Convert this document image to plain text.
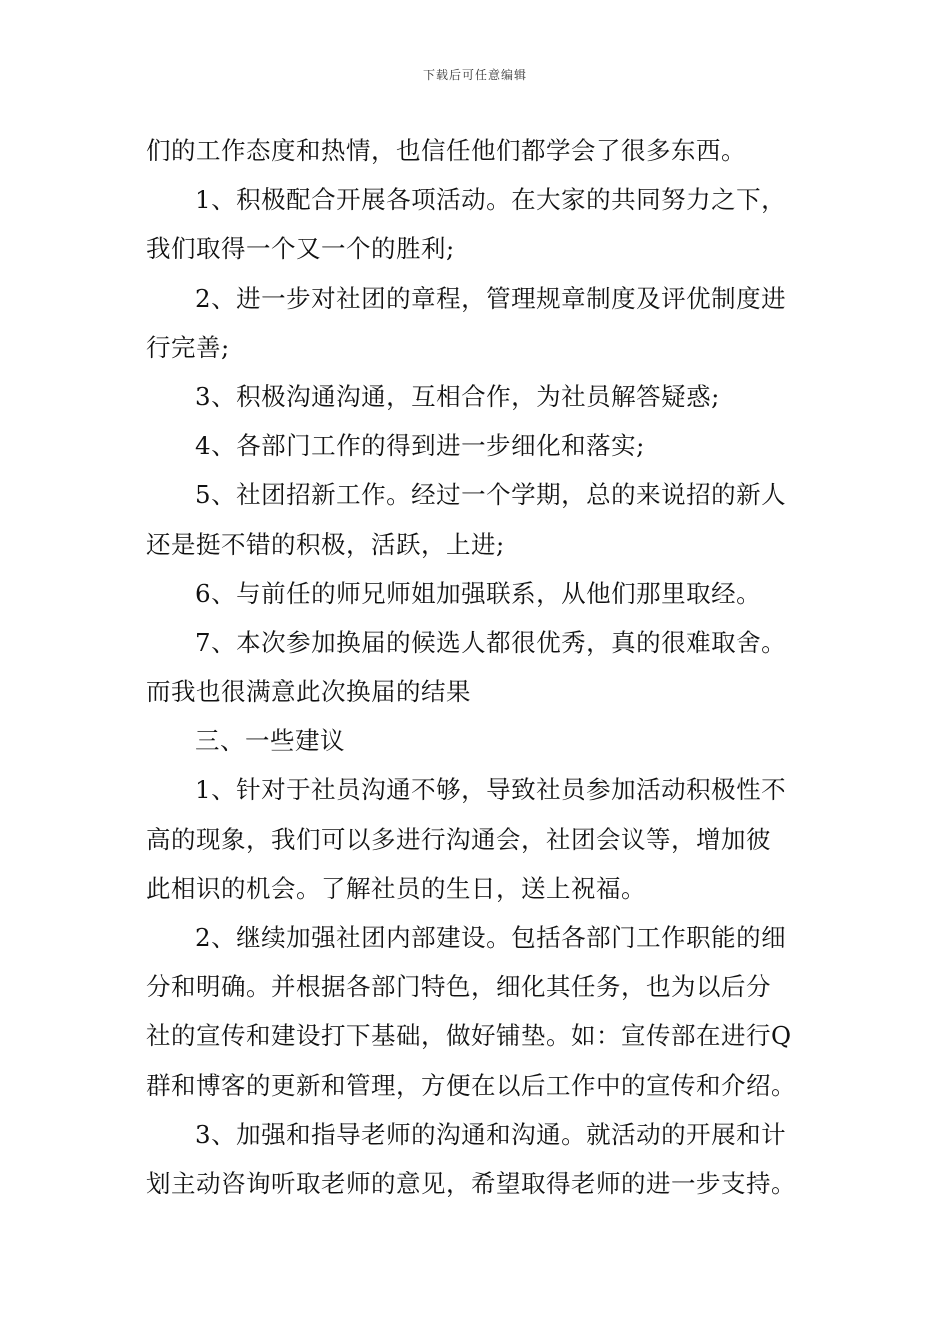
下载后可任意编辑
们的工作态度和热情，也信任他们都学会了很多东西。
1、积极配合开展各项活动。在大家的共同努力之下，
我们取得一个又一个的胜利;
2、进一步对社团的章程，管理规章制度及评优制度进
行完善;
3、积极沟通沟通，互相合作，为社员解答疑惑;
4、各部门工作的得到进一步细化和落实;
5、社团招新工作。经过一个学期，总的来说招的新人
还是挺不错的积极，活跃，上进;
6、与前任的师兄师姐加强联系，从他们那里取经。
7、本次参加换届的候选人都很优秀，真的很难取舍。
而我也很满意此次换届的结果
三、一些建议
1、针对于社员沟通不够，导致社员参加活动积极性不
高的现象，我们可以多进行沟通会，社团会议等，增加彼
此相识的机会。了解社员的生日，送上祝福。
2、继续加强社团内部建设。包括各部门工作职能的细
分和明确。并根据各部门特色，细化其任务，也为以后分
社的宣传和建设打下基础，做好铺垫。如：宣传部在进行Q
群和博客的更新和管理，方便在以后工作中的宣传和介绍。
3、加强和指导老师的沟通和沟通。就活动的开展和计
划主动咨询听取老师的意见，希望取得老师的进一步支持。
